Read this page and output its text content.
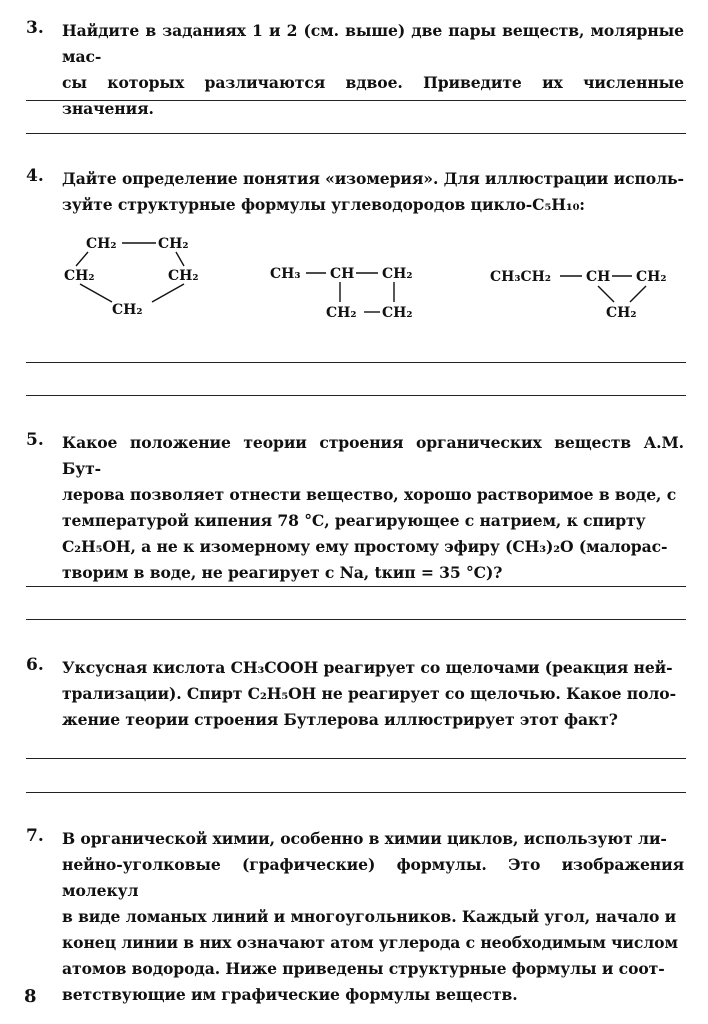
3. Найдите в заданиях 1 и 2 (см. выше) две пары веществ, молярные мас-
сы которых различаются вдвое. Приведите их численные значения.
4. Дайте определение понятия «изомерия». Для иллюстрации исполь-
зуйте структурные формулы углеводородов цикло-C₅H₁₀:
CH₂	CH₂
CH₂	CH₂
CH₂
CH₃ CH CH₂
CH₂ CH₂
CH₃CH₂ CH CH₂
CH₂
5. Какое положение теории строения органических веществ А.М. Бут-
лерова позволяет отнести вещество, хорошо растворимое в воде, с
температурой кипения 78 °С, реагирующее с натрием, к спирту
C₂H₅OH, а не к изомерному ему простому эфиру (CH₃)₂O (малорас-
творим в воде, не реагирует с Na, tкип = 35 °С)?
6. Уксусная кислота CH₃COOH реагирует со щелочами (реакция ней-
трализации). Спирт C₂H₅OH не реагирует со щелочью. Какое поло-
жение теории строения Бутлерова иллюстрирует этот факт?
7. В органической химии, особенно в химии циклов, используют ли-
нейно-уголковые (графические) формулы. Это изображения молекул
в виде ломаных линий и многоугольников. Каждый угол, начало и
конец линии в них означают атом углерода с необходимым числом
атомов водорода. Ниже приведены структурные формулы и соот-
ветствующие им графические формулы веществ.
8
